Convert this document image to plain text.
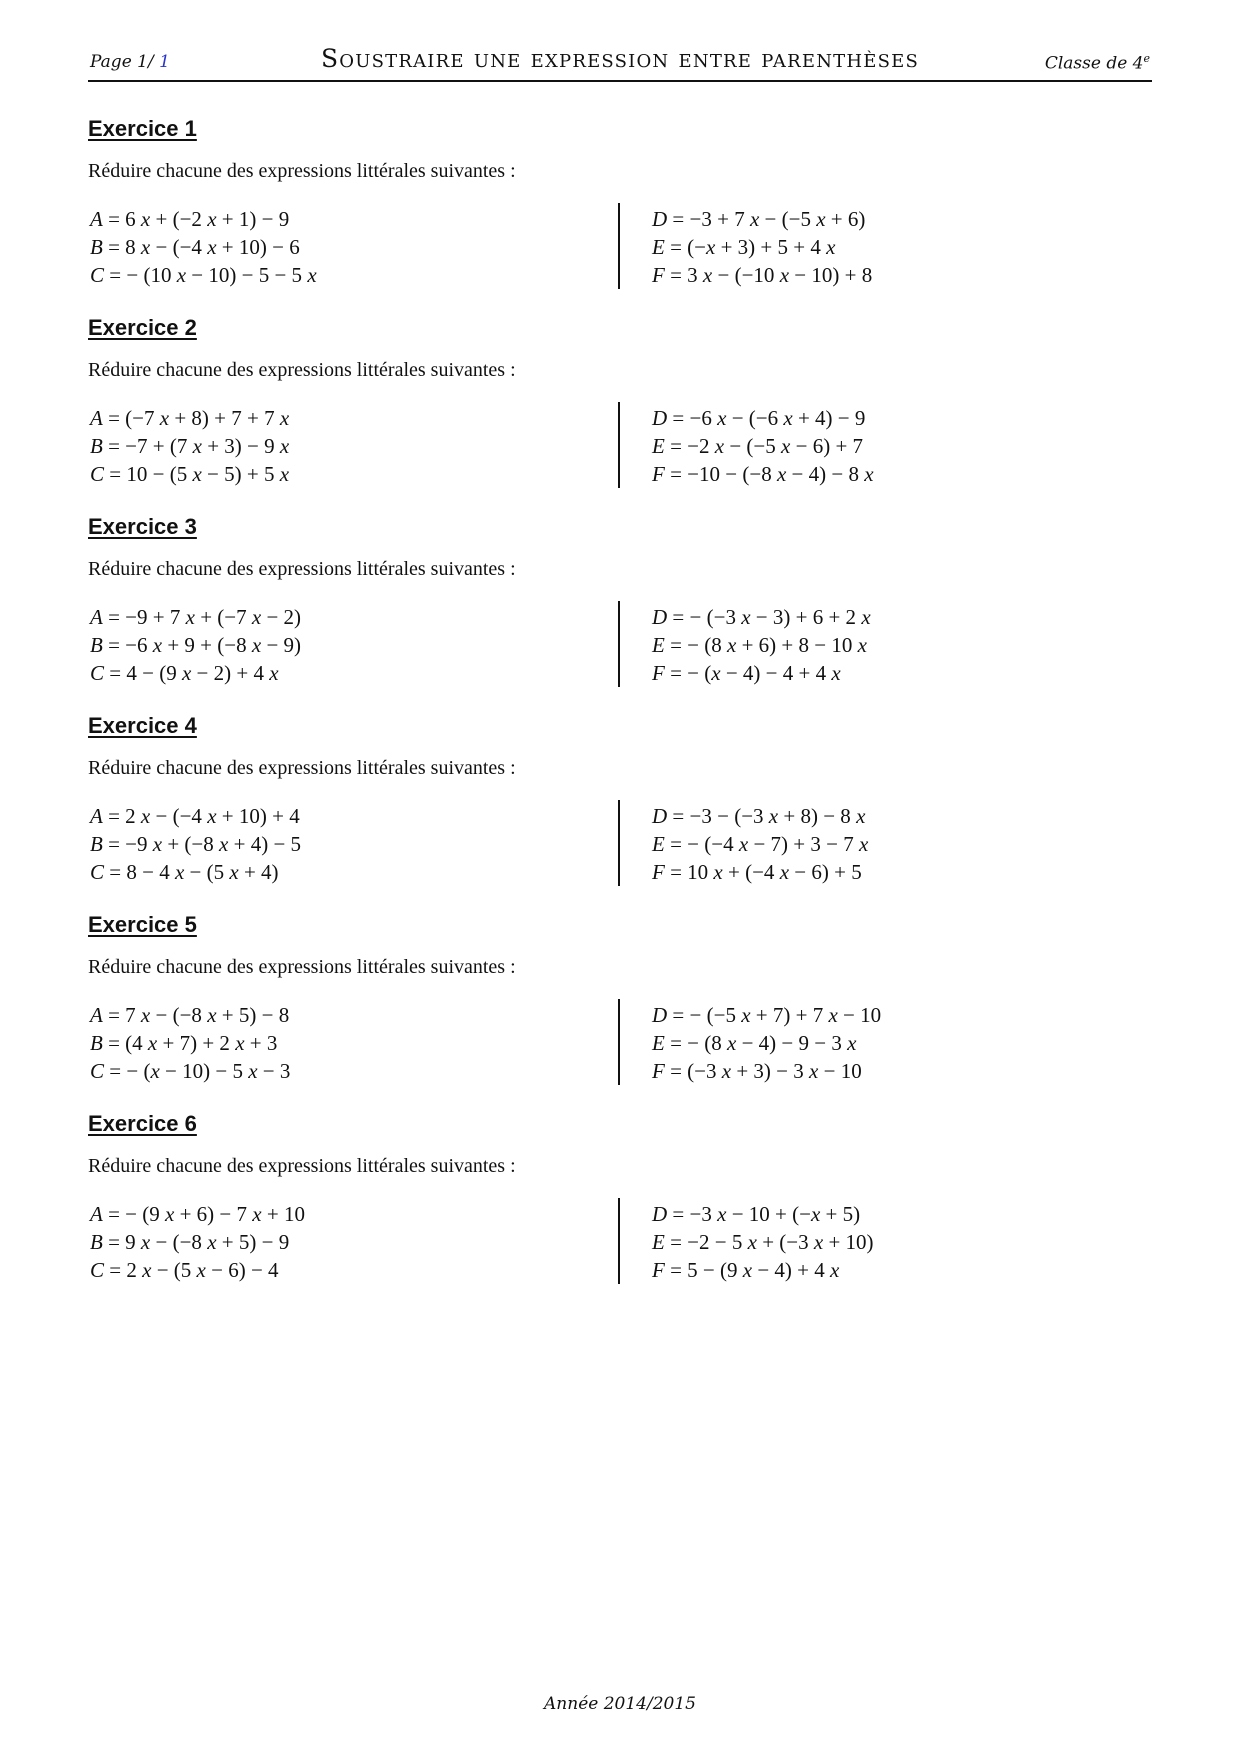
Page 1/ 1	Soustraire une expression entre parenthèses	Classe de 4e
Exercice 1
Réduire chacune des expressions littérales suivantes :
A = 6 x + (−2 x + 1) − 9
B = 8 x − (−4 x + 10) − 6
C = − (10 x − 10) − 5 − 5 x
D = −3 + 7 x − (−5 x + 6)
E = (−x + 3) + 5 + 4 x
F = 3 x − (−10 x − 10) + 8
Exercice 2
Réduire chacune des expressions littérales suivantes :
A = (−7 x + 8) + 7 + 7 x
B = −7 + (7 x + 3) − 9 x
C = 10 − (5 x − 5) + 5 x
D = −6 x − (−6 x + 4) − 9
E = −2 x − (−5 x − 6) + 7
F = −10 − (−8 x − 4) − 8 x
Exercice 3
Réduire chacune des expressions littérales suivantes :
A = −9 + 7 x + (−7 x − 2)
B = −6 x + 9 + (−8 x − 9)
C = 4 − (9 x − 2) + 4 x
D = − (−3 x − 3) + 6 + 2 x
E = − (8 x + 6) + 8 − 10 x
F = − (x − 4) − 4 + 4 x
Exercice 4
Réduire chacune des expressions littérales suivantes :
A = 2 x − (−4 x + 10) + 4
B = −9 x + (−8 x + 4) − 5
C = 8 − 4 x − (5 x + 4)
D = −3 − (−3 x + 8) − 8 x
E = − (−4 x − 7) + 3 − 7 x
F = 10 x + (−4 x − 6) + 5
Exercice 5
Réduire chacune des expressions littérales suivantes :
A = 7 x − (−8 x + 5) − 8
B = (4 x + 7) + 2 x + 3
C = − (x − 10) − 5 x − 3
D = − (−5 x + 7) + 7 x − 10
E = − (8 x − 4) − 9 − 3 x
F = (−3 x + 3) − 3 x − 10
Exercice 6
Réduire chacune des expressions littérales suivantes :
A = − (9 x + 6) − 7 x + 10
B = 9 x − (−8 x + 5) − 9
C = 2 x − (5 x − 6) − 4
D = −3 x − 10 + (−x + 5)
E = −2 − 5 x + (−3 x + 10)
F = 5 − (9 x − 4) + 4 x
Année 2014/2015
